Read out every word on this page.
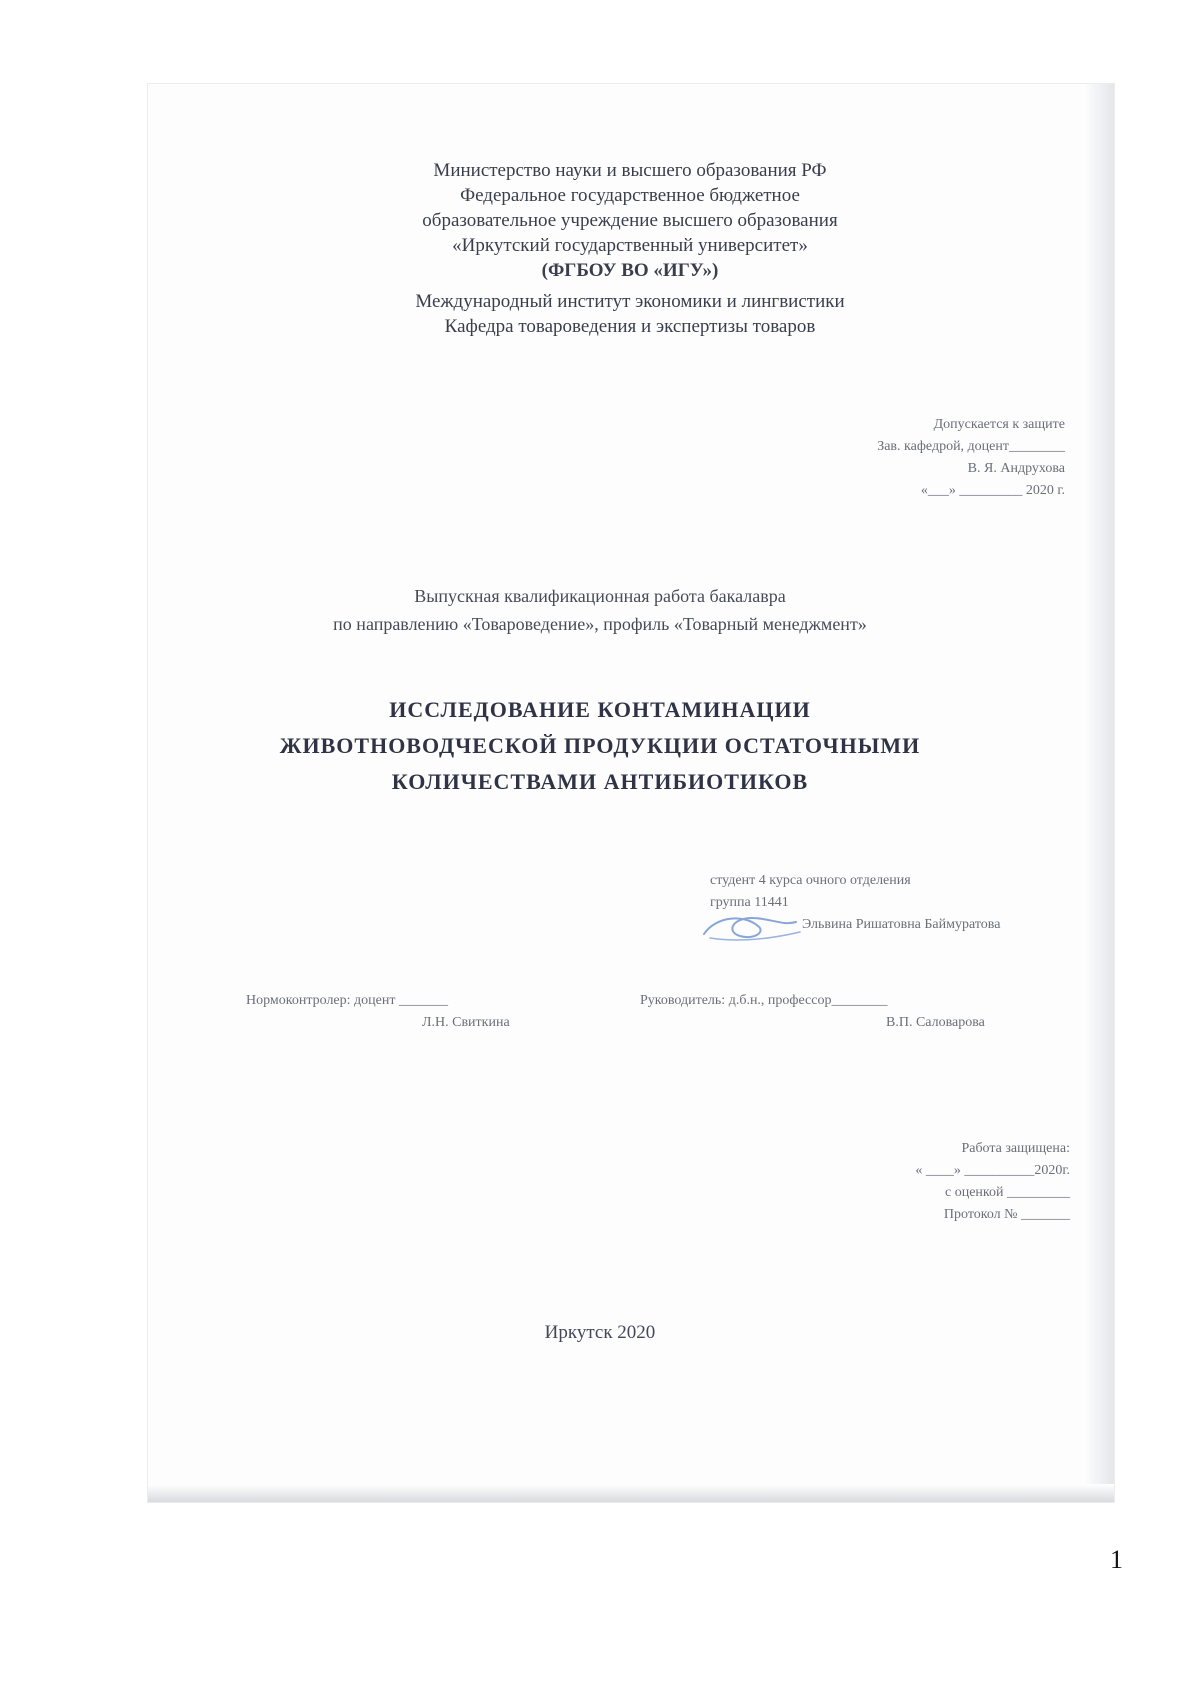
Министерство науки и высшего образования РФ
Федеральное государственное бюджетное
образовательное учреждение высшего образования
«Иркутский государственный университет»
(ФГБОУ ВО «ИГУ»)
Международный институт экономики и лингвистики
Кафедра товароведения и экспертизы товаров
Допускается к защите
Зав. кафедрой, доцент________
В. Я. Андрухова
«___» _________ 2020 г.
Выпускная квалификационная работа бакалавра
по направлению «Товароведение», профиль «Товарный менеджмент»
ИССЛЕДОВАНИЕ КОНТАМИНАЦИИ
ЖИВОТНОВОДЧЕСКОЙ ПРОДУКЦИИ ОСТАТОЧНЫМИ
КОЛИЧЕСТВАМИ АНТИБИОТИКОВ
студент 4 курса очного отделения
группа 11441
Эльвина Ришатовна Баймуратова
Нормоконтролер: доцент _______
Л.Н. Свиткина
Руководитель: д.б.н., профессор________
В.П. Саловарова
Работа защищена:
« ____» __________2020г.
с оценкой _________
Протокол № _______
Иркутск 2020
1
